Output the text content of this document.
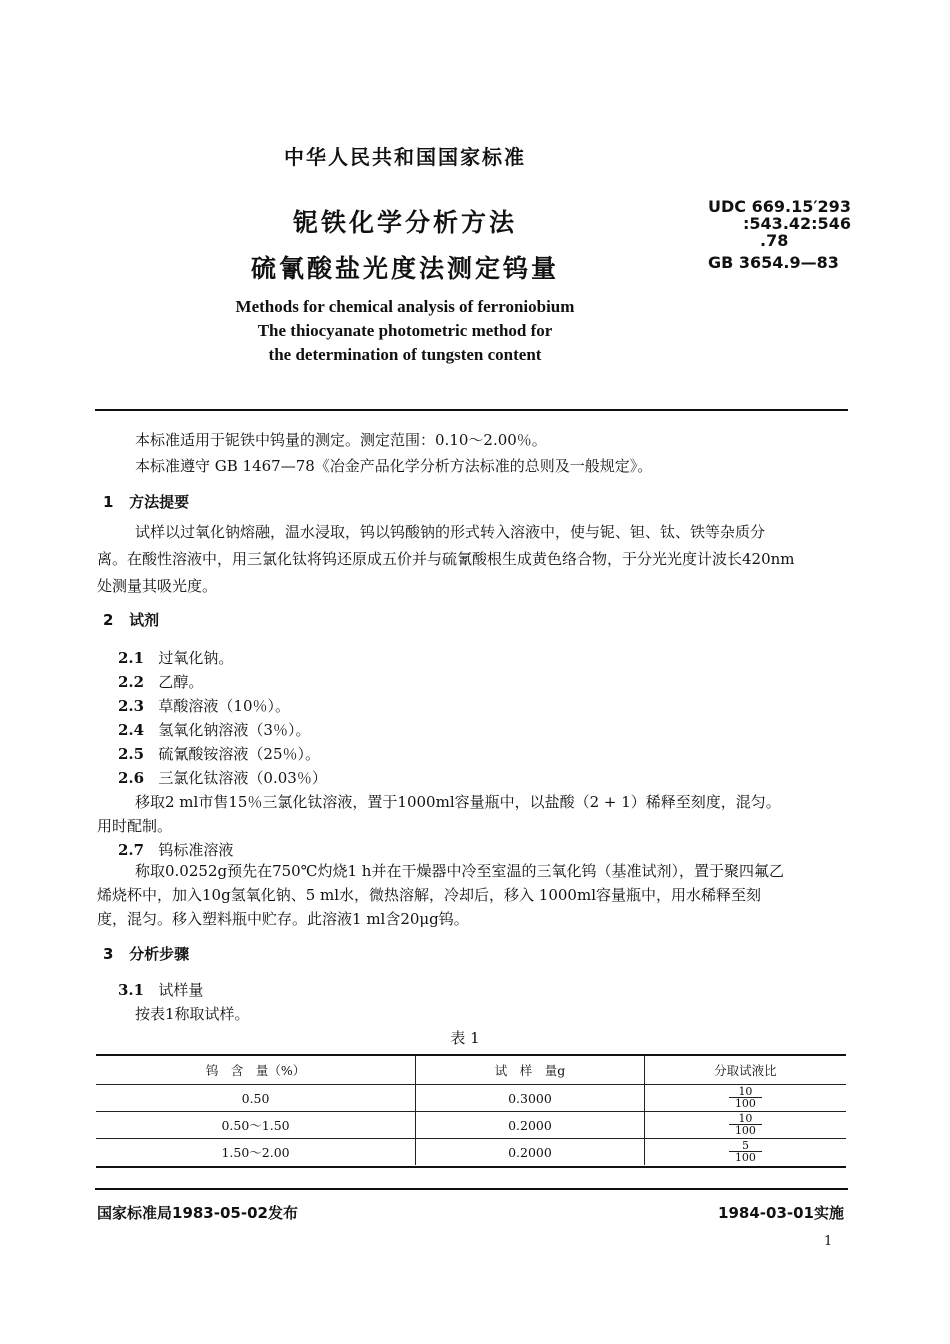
中华人民共和国国家标准
铌铁化学分析方法
硫氰酸盐光度法测定钨量
UDC 669.15′293
:543.42:546
.78
GB 3654.9—83
Methods for chemical analysis of ferroniobium
The thiocyanate photometric method for
the determination of tungsten content
本标准适用于铌铁中钨量的测定。测定范围：0.10～2.00％。
本标准遵守 GB 1467—78《冶金产品化学分析方法标准的总则及一般规定》。
1 方法提要
试样以过氧化钠熔融，温水浸取，钨以钨酸钠的形式转入溶液中，使与铌、钽、钛、铁等杂质分
离。在酸性溶液中，用三氯化钛将钨还原成五价并与硫氰酸根生成黄色络合物，于分光光度计波长420nm
处测量其吸光度。
2 试剂
2.1 过氧化钠。
2.2 乙醇。
2.3 草酸溶液（10％）。
2.4 氢氧化钠溶液（3％）。
2.5 硫氰酸铵溶液（25％）。
2.6 三氯化钛溶液（0.03％）
移取2 ml市售15％三氯化钛溶液，置于1000ml容量瓶中，以盐酸（2 + 1）稀释至刻度，混匀。
用时配制。
2.7 钨标准溶液
称取0.0252g预先在750℃灼烧1 h并在干燥器中冷至室温的三氧化钨（基准试剂），置于聚四氟乙
烯烧杯中，加入10g氢氧化钠、5 ml水，微热溶解，冷却后，移入 1000ml容量瓶中，用水稀释至刻
度，混匀。移入塑料瓶中贮存。此溶液1 ml含20μg钨。
3 分析步骤
3.1 试样量
按表1称取试样。
表 1
钨　含　量（%）	试　样　量g	分取试液比
0.50	0.3000	$\frac{10}{100}$

0.50～1.50	0.2000	$\frac{10}{100}$

1.50～2.00	0.2000	$\frac{5}{100}$
国家标准局1983-05-02发布	1984-03-01实施
1
